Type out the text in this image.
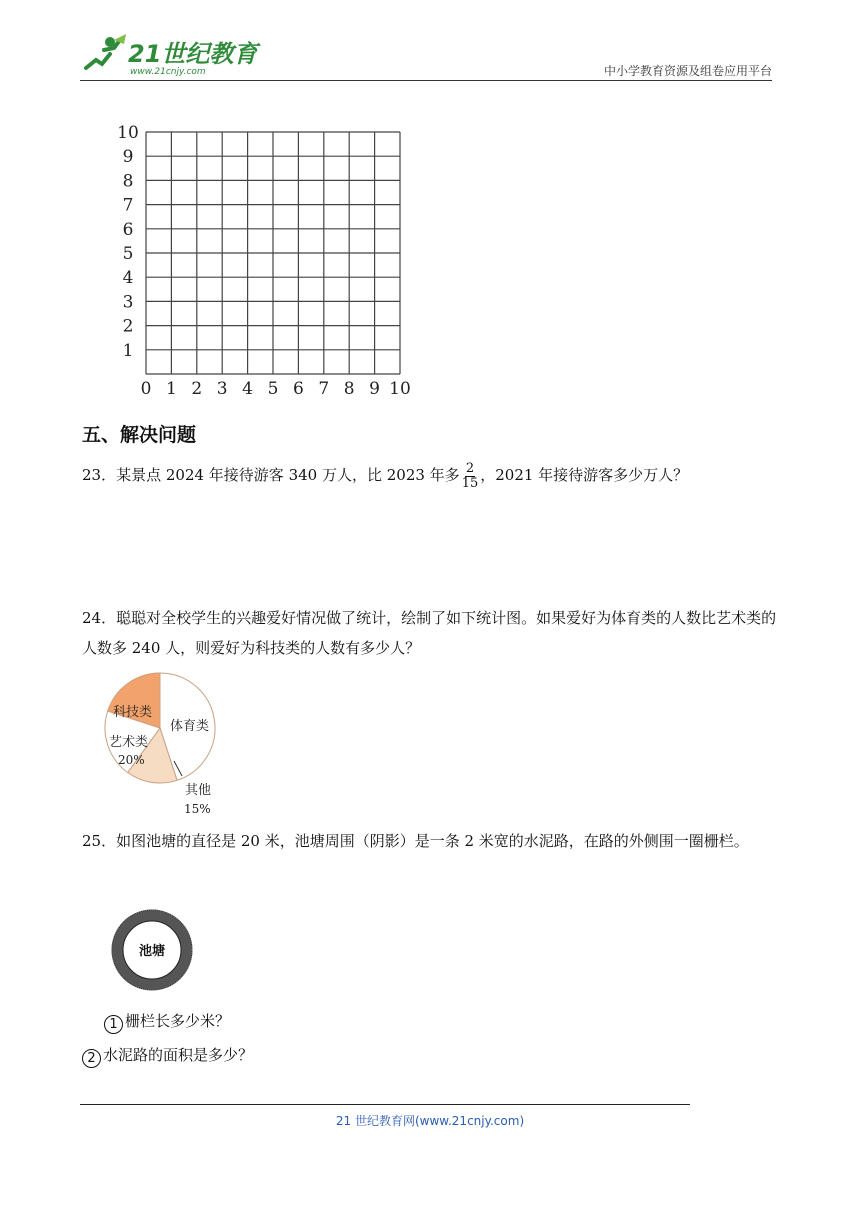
21世纪教育
www.21cnjy.com	中小学教育资源及组卷应用平台
0 1 2 3 4 5 6 7 8 9 10
1
2
3
4
5
6
7
8
9
10
五、解决问题
23．某景点 2024 年接待游客 340 万人，比 2023 年多 $\frac{2}{15}$ ，2021 年接待游客多少万人？
24．聪聪对全校学生的兴趣爱好情况做了统计，绘制了如下统计图。如果爱好为体育类的人数比艺术类的人数多 240 人，则爱好为科技类的人数有多少人？
科技类
体育类
艺术类
20%
其他
15%
25．如图池塘的直径是 20 米，池塘周围（阴影）是一条 2 米宽的水泥路，在路的外侧围一圈栅栏。
池塘
1 栅栏长多少米？
2 水泥路的面积是多少？
21 世纪教育网(www.21cnjy.com)
